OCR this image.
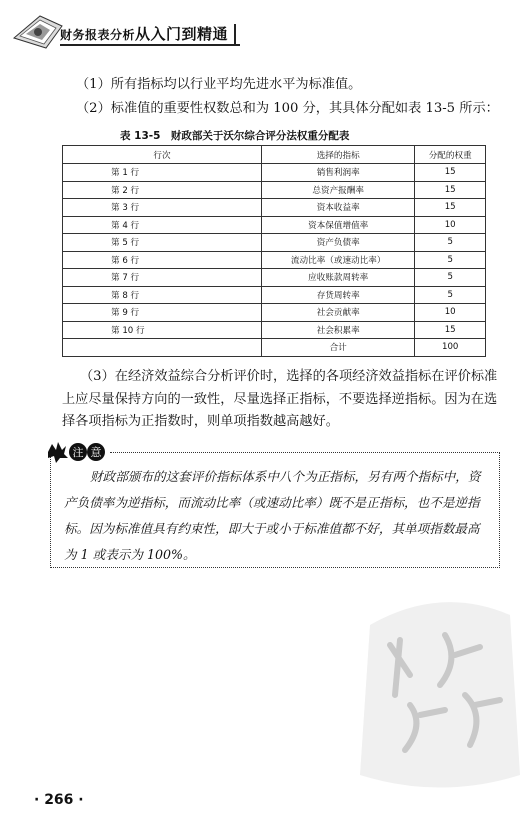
财务报表分析从入门到精通
（1）所有指标均以行业平均先进水平为标准值。
（2）标准值的重要性权数总和为 100 分，其具体分配如表 13-5 所示：
表 13-5　财政部关于沃尔综合评分法权重分配表
行次	选择的指标	分配的权重
第 1 行	销售利润率	15
第 2 行	总资产报酬率	15
第 3 行	资本收益率	15
第 4 行	资本保值增值率	10
第 5 行	资产负债率	5
第 6 行	流动比率（或速动比率）	5
第 7 行	应收账款周转率	5
第 8 行	存货周转率	5
第 9 行	社会贡献率	10
第 10 行	社会积累率	15
	合计	100
（3）在经济效益综合分析评价时，选择的各项经济效益指标在评价标准上应尽量保持方向的一致性，尽量选择正指标，不要选择逆指标。因为在选择各项指标为正指数时，则单项指数越高越好。
注 意
财政部颁布的这套评价指标体系中八个为正指标，另有两个指标中，资产负债率为逆指标，而流动比率（或速动比率）既不是正指标，也不是逆指标。因为标准值具有约束性，即大于或小于标准值都不好，其单项指数最高为 1 或表示为 100%。
· 266 ·
